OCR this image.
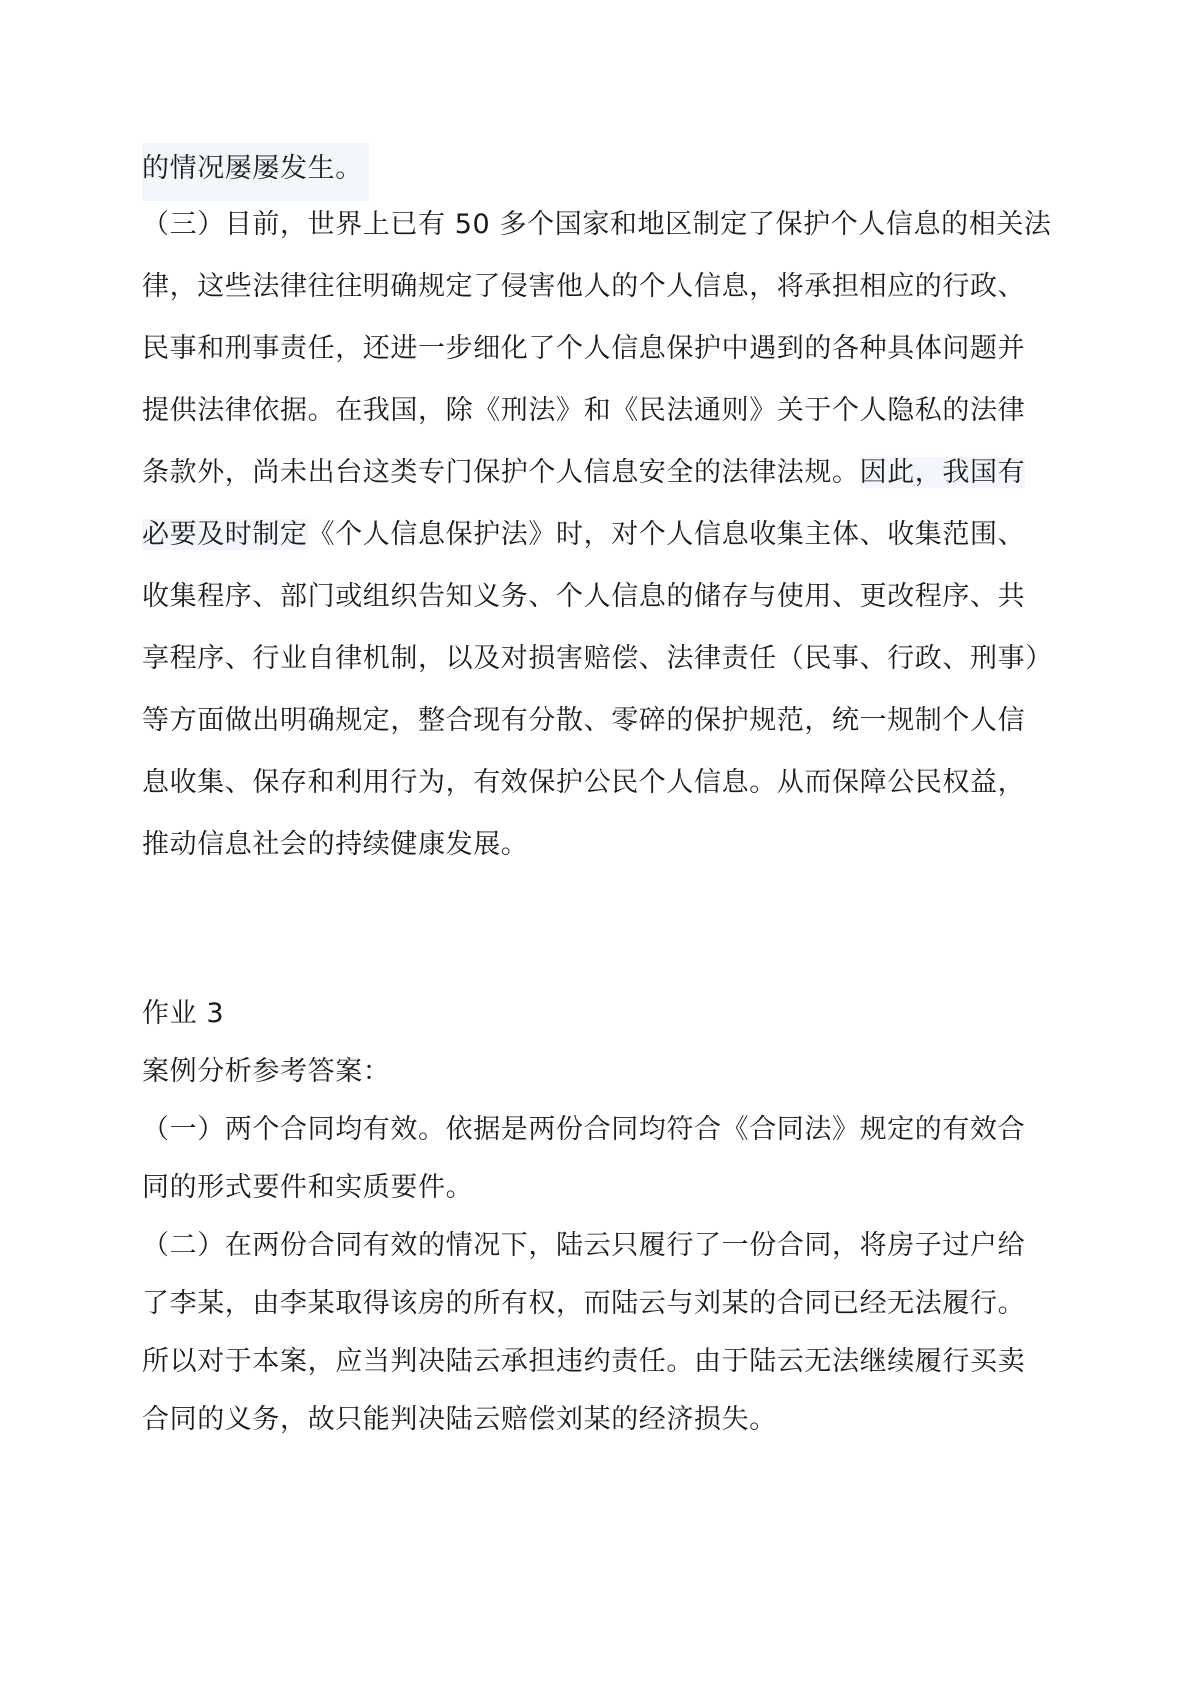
的情况屡屡发生。
（三）目前，世界上已有 50 多个国家和地区制定了保护个人信息的相关法
律，这些法律往往明确规定了侵害他人的个人信息，将承担相应的行政、
民事和刑事责任，还进一步细化了个人信息保护中遇到的各种具体问题并
提供法律依据。在我国，除《刑法》和《民法通则》关于个人隐私的法律
条款外，尚未出台这类专门保护个人信息安全的法律法规。因此，我国有
必要及时制定《个人信息保护法》时，对个人信息收集主体、收集范围、
收集程序、部门或组织告知义务、个人信息的储存与使用、更改程序、共
享程序、行业自律机制，以及对损害赔偿、法律责任（民事、行政、刑事）
等方面做出明确规定，整合现有分散、零碎的保护规范，统一规制个人信
息收集、保存和利用行为，有效保护公民个人信息。从而保障公民权益，
推动信息社会的持续健康发展。
作业 3
案例分析参考答案：
（一）两个合同均有效。依据是两份合同均符合《合同法》规定的有效合
同的形式要件和实质要件。
（二）在两份合同有效的情况下，陆云只履行了一份合同，将房子过户给
了李某，由李某取得该房的所有权，而陆云与刘某的合同已经无法履行。
所以对于本案，应当判决陆云承担违约责任。由于陆云无法继续履行买卖
合同的义务，故只能判决陆云赔偿刘某的经济损失。
